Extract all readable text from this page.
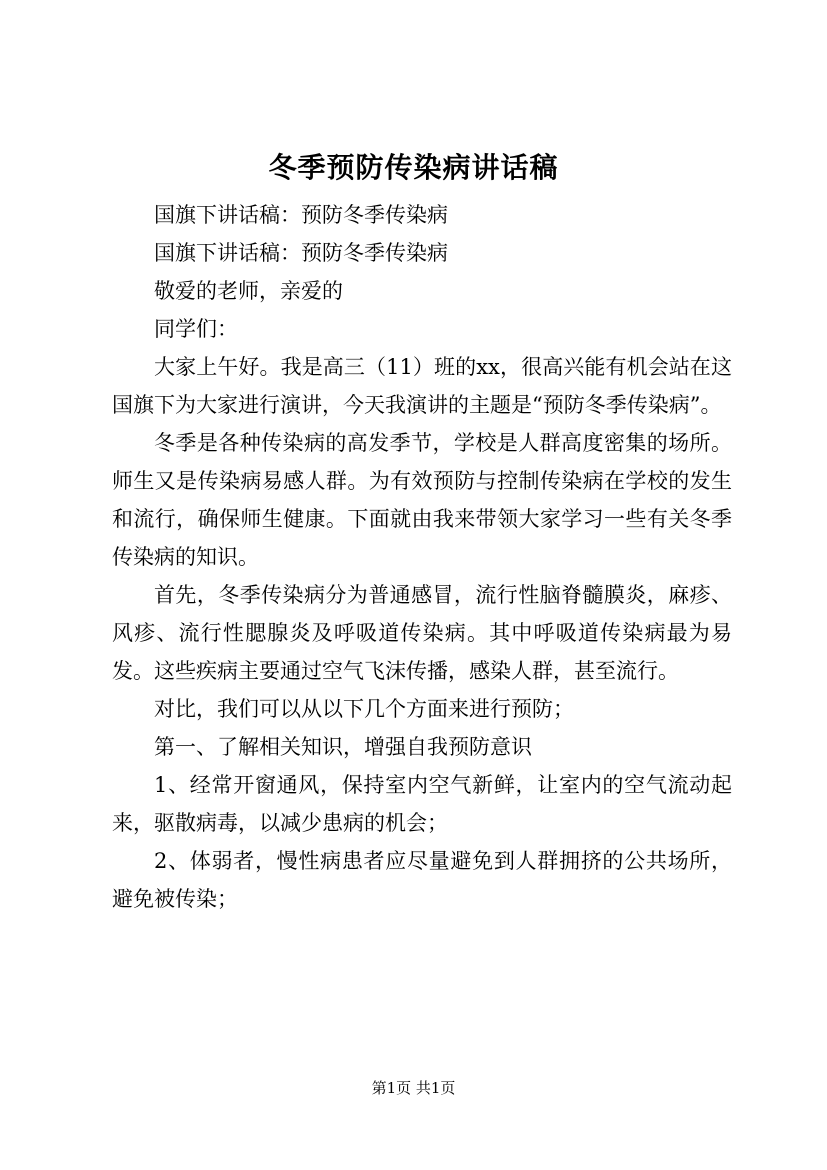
冬季预防传染病讲话稿

国旗下讲话稿：预防冬季传染病

国旗下讲话稿：预防冬季传染病

敬爱的老师，亲爱的

同学们：

大家上午好。我是高三（11）班的xx，很高兴能有机会站在这国旗下为大家进行演讲，今天我演讲的主题是“预防冬季传染病”。

冬季是各种传染病的高发季节，学校是人群高度密集的场所。师生又是传染病易感人群。为有效预防与控制传染病在学校的发生和流行，确保师生健康。下面就由我来带领大家学习一些有关冬季传染病的知识。

首先，冬季传染病分为普通感冒，流行性脑脊髓膜炎，麻疹、风疹、流行性腮腺炎及呼吸道传染病。其中呼吸道传染病最为易发。这些疾病主要通过空气飞沫传播，感染人群，甚至流行。

对比，我们可以从以下几个方面来进行预防；

第一、了解相关知识，增强自我预防意识

1、经常开窗通风，保持室内空气新鲜，让室内的空气流动起来，驱散病毒，以减少患病的机会；

2、体弱者，慢性病患者应尽量避免到人群拥挤的公共场所，避免被传染；

第1页 共1页
